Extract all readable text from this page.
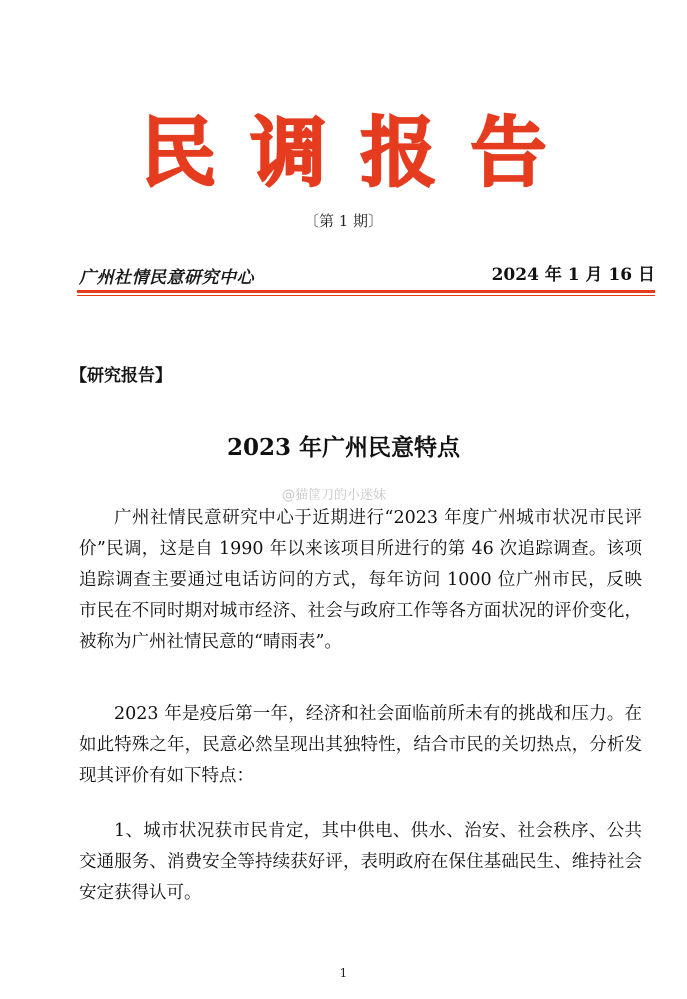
民调报告
〔第 1 期〕
广州社情民意研究中心	2024 年 1 月 16 日
【研究报告】
2023 年广州民意特点
@猫筐刀的小迷妹

广州社情民意研究中心于近期进行“2023 年度广州城市状况市民评价”民调，这是自 1990 年以来该项目所进行的第 46 次追踪调查。该项追踪调查主要通过电话访问的方式，每年访问 1000 位广州市民，反映市民在不同时期对城市经济、社会与政府工作等各方面状况的评价变化，被称为广州社情民意的“晴雨表”。

2023 年是疫后第一年，经济和社会面临前所未有的挑战和压力。在如此特殊之年，民意必然呈现出其独特性，结合市民的关切热点，分析发现其评价有如下特点：

1、城市状况获市民肯定，其中供电、供水、治安、社会秩序、公共交通服务、消费安全等持续获好评，表明政府在保住基础民生、维持社会安定获得认可。

1
